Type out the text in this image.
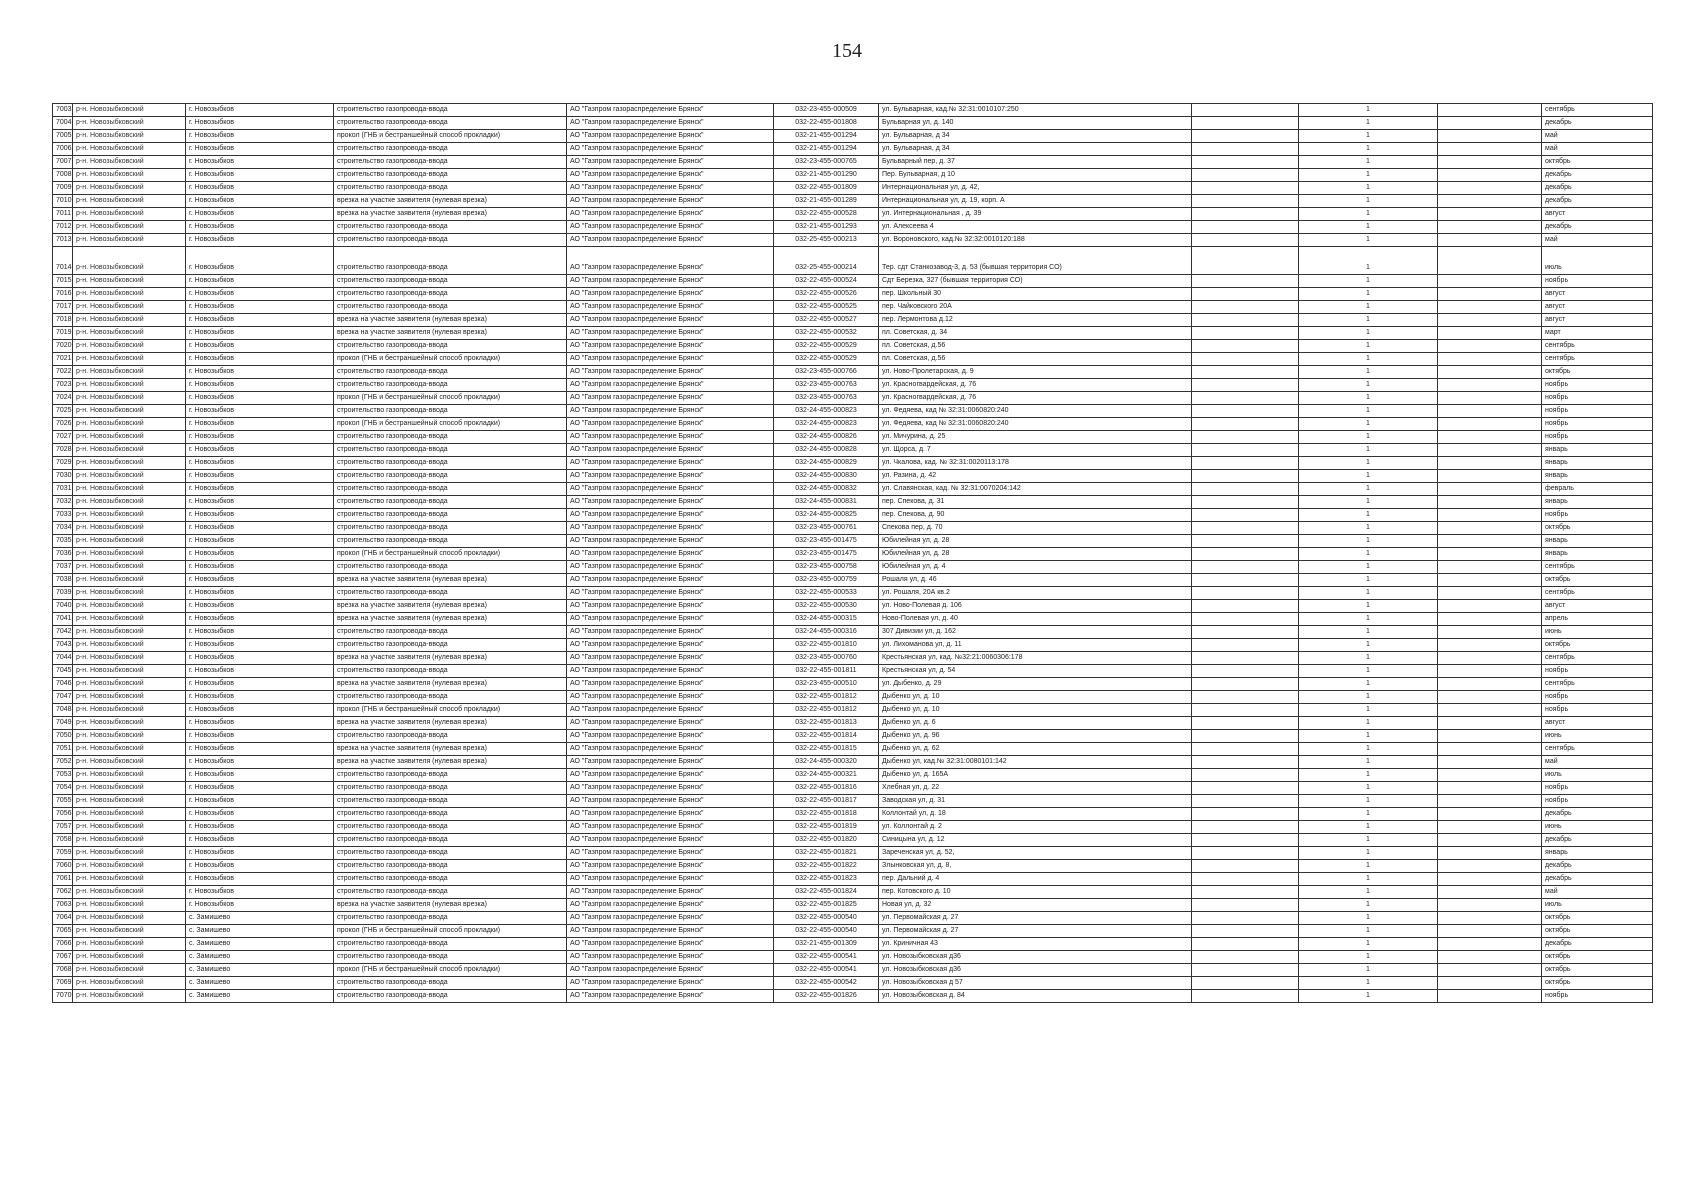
154
7003	р-н. Новозыбковский	г. Новозыбков	строительство газопровода-ввода	АО "Газпром газораспределение Брянск"	032-23-455-000509	ул. Бульварная, кад.№ 32:31:0010107:250		1		сентябрь	
7004	р-н. Новозыбковский	г. Новозыбков	строительство газопровода-ввода	АО "Газпром газораспределение Брянск"	032-22-455-001808	Бульварная ул, д. 140		1		декабрь	
7005	р-н. Новозыбковский	г. Новозыбков	прокол (ГНБ и бестраншейный способ прокладки)	АО "Газпром газораспределение Брянск"	032-21-455-001294	ул. Бульварная, д 34		1		май	
7006	р-н. Новозыбковский	г. Новозыбков	строительство газопровода-ввода	АО "Газпром газораспределение Брянск"	032-21-455-001294	ул. Бульварная, д 34		1		май	
7007	р-н. Новозыбковский	г. Новозыбков	строительство газопровода-ввода	АО "Газпром газораспределение Брянск"	032-23-455-000765	Бульварный пер, д. 37		1		октябрь	
7008	р-н. Новозыбковский	г. Новозыбков	строительство газопровода-ввода	АО "Газпром газораспределение Брянск"	032-21-455-001290	Пер. Бульварная, д 10		1		декабрь	
7009	р-н. Новозыбковский	г. Новозыбков	строительство газопровода-ввода	АО "Газпром газораспределение Брянск"	032-22-455-001809	Интернациональная ул, д. 42,		1		декабрь	
7010	р-н. Новозыбковский	г. Новозыбков	врезка на участке заявителя (нулевая врезка)	АО "Газпром газораспределение Брянск"	032-21-455-001289	Интернациональная ул, д. 19, корп. А		1		декабрь	
7011	р-н. Новозыбковский	г. Новозыбков	врезка на участке заявителя (нулевая врезка)	АО "Газпром газораспределение Брянск"	032-22-455-000528	ул. Интернациональная , д. 39		1		август	
7012	р-н. Новозыбковский	г. Новозыбков	строительство газопровода-ввода	АО "Газпром газораспределение Брянск"	032-21-455-001293	ул. Алексеева 4		1		декабрь	
7013	р-н. Новозыбковский	г. Новозыбков	строительство газопровода-ввода	АО "Газпром газораспределение Брянск"	032-25-455-000213	ул. Вороновского, кад.№ 32:32:0010120:188		1		май	
7014	р-н. Новозыбковский	г. Новозыбков	строительство газопровода-ввода	АО "Газпром газораспределение Брянск"	032-25-455-000214	Тер. сдт Станкозавод-3, д. 53 (бывшая территория СО)		1		июль	
7015	р-н. Новозыбковский	г. Новозыбков	строительство газопровода-ввода	АО "Газпром газораспределение Брянск"	032-22-455-000524	Сдт Березка, 327 (бывшая территория СО)		1		ноябрь	
7016	р-н. Новозыбковский	г. Новозыбков	строительство газопровода-ввода	АО "Газпром газораспределение Брянск"	032-22-455-000526	пер. Школьный 30		1		август	
7017	р-н. Новозыбковский	г. Новозыбков	строительство газопровода-ввода	АО "Газпром газораспределение Брянск"	032-22-455-000525	пер. Чайковского 20А		1		август	
7018	р-н. Новозыбковский	г. Новозыбков	врезка на участке заявителя (нулевая врезка)	АО "Газпром газораспределение Брянск"	032-22-455-000527	пер. Лермонтова д.12		1		август	
7019	р-н. Новозыбковский	г. Новозыбков	врезка на участке заявителя (нулевая врезка)	АО "Газпром газораспределение Брянск"	032-22-455-000532	пл. Советская, д. 34		1		март	
7020	р-н. Новозыбковский	г. Новозыбков	строительство газопровода-ввода	АО "Газпром газораспределение Брянск"	032-22-455-000529	пл. Советская, д.56		1		сентябрь	
7021	р-н. Новозыбковский	г. Новозыбков	прокол (ГНБ и бестраншейный способ прокладки)	АО "Газпром газораспределение Брянск"	032-22-455-000529	пл. Советская, д.56		1		сентябрь	
7022	р-н. Новозыбковский	г. Новозыбков	строительство газопровода-ввода	АО "Газпром газораспределение Брянск"	032-23-455-000766	ул. Ново-Пролетарская, д. 9		1		октябрь	
7023	р-н. Новозыбковский	г. Новозыбков	строительство газопровода-ввода	АО "Газпром газораспределение Брянск"	032-23-455-000763	ул. Красногвардейская, д. 76		1		ноябрь	
7024	р-н. Новозыбковский	г. Новозыбков	прокол (ГНБ и бестраншейный способ прокладки)	АО "Газпром газораспределение Брянск"	032-23-455-000763	ул. Красногвардейская, д. 76		1		ноябрь	
7025	р-н. Новозыбковский	г. Новозыбков	строительство газопровода-ввода	АО "Газпром газораспределение Брянск"	032-24-455-000823	ул. Федяева, кад № 32:31:0060820:240		1		ноябрь	
7026	р-н. Новозыбковский	г. Новозыбков	прокол (ГНБ и бестраншейный способ прокладки)	АО "Газпром газораспределение Брянск"	032-24-455-000823	ул. Федяева, кад № 32:31:0060820:240		1		ноябрь	
7027	р-н. Новозыбковский	г. Новозыбков	строительство газопровода-ввода	АО "Газпром газораспределение Брянск"	032-24-455-000826	ул. Мичурина, д. 25		1		ноябрь	
7028	р-н. Новозыбковский	г. Новозыбков	строительство газопровода-ввода	АО "Газпром газораспределение Брянск"	032-24-455-000828	ул. Щорса, д. 7		1		январь	
7029	р-н. Новозыбковский	г. Новозыбков	строительство газопровода-ввода	АО "Газпром газораспределение Брянск"	032-24-455-000829	ул. Чкалова, кад. № 32:31:0020113:178		1		январь	
7030	р-н. Новозыбковский	г. Новозыбков	строительство газопровода-ввода	АО "Газпром газораспределение Брянск"	032-24-455-000830	ул. Разина, д. 42		1		январь	
7031	р-н. Новозыбковский	г. Новозыбков	строительство газопровода-ввода	АО "Газпром газораспределение Брянск"	032-24-455-000832	ул. Славянская, кад. № 32:31:0070204:142		1		февраль	
7032	р-н. Новозыбковский	г. Новозыбков	строительство газопровода-ввода	АО "Газпром газораспределение Брянск"	032-24-455-000831	пер. Спекова, д. 31		1		январь	
7033	р-н. Новозыбковский	г. Новозыбков	строительство газопровода-ввода	АО "Газпром газораспределение Брянск"	032-24-455-000825	пер. Спекова, д. 90		1		ноябрь	
7034	р-н. Новозыбковский	г. Новозыбков	строительство газопровода-ввода	АО "Газпром газораспределение Брянск"	032-23-455-000761	Спекова пер, д. 70		1		октябрь	
7035	р-н. Новозыбковский	г. Новозыбков	строительство газопровода-ввода	АО "Газпром газораспределение Брянск"	032-23-455-001475	Юбилейная ул, д. 28		1		январь	
7036	р-н. Новозыбковский	г. Новозыбков	прокол (ГНБ и бестраншейный способ прокладки)	АО "Газпром газораспределение Брянск"	032-23-455-001475	Юбилейная ул, д. 28		1		январь	
7037	р-н. Новозыбковский	г. Новозыбков	строительство газопровода-ввода	АО "Газпром газораспределение Брянск"	032-23-455-000758	Юбилейная ул, д. 4		1		сентябрь	
7038	р-н. Новозыбковский	г. Новозыбков	врезка на участке заявителя (нулевая врезка)	АО "Газпром газораспределение Брянск"	032-23-455-000759	Рошаля ул, д. 46		1		октябрь	
7039	р-н. Новозыбковский	г. Новозыбков	строительство газопровода-ввода	АО "Газпром газораспределение Брянск"	032-22-455-000533	ул. Рошаля, 20А кв.2		1		сентябрь	
7040	р-н. Новозыбковский	г. Новозыбков	врезка на участке заявителя (нулевая врезка)	АО "Газпром газораспределение Брянск"	032-22-455-000530	ул. Ново-Полевая д. 106		1		август	
7041	р-н. Новозыбковский	г. Новозыбков	врезка на участке заявителя (нулевая врезка)	АО "Газпром газораспределение Брянск"	032-24-455-000315	Ново-Полевая ул, д. 40		1		апрель	
7042	р-н. Новозыбковский	г. Новозыбков	строительство газопровода-ввода	АО "Газпром газораспределение Брянск"	032-24-455-000316	307 Дивизии ул, д. 162		1		июнь	
7043	р-н. Новозыбковский	г. Новозыбков	строительство газопровода-ввода	АО "Газпром газораспределение Брянск"	032-22-455-001810	ул. Лихоманова ул, д. 11		1		октябрь	
7044	р-н. Новозыбковский	г. Новозыбков	врезка на участке заявителя (нулевая врезка)	АО "Газпром газораспределение Брянск"	032-23-455-000760	Крестьянская ул, кад. №32:21:0060306:178		1		сентябрь	
7045	р-н. Новозыбковский	г. Новозыбков	строительство газопровода-ввода	АО "Газпром газораспределение Брянск"	032-22-455-001811	Крестьянская ул, д. 54		1		ноябрь	
7046	р-н. Новозыбковский	г. Новозыбков	врезка на участке заявителя (нулевая врезка)	АО "Газпром газораспределение Брянск"	032-23-455-000510	ул. Дыбенко, д. 29		1		сентябрь	
7047	р-н. Новозыбковский	г. Новозыбков	строительство газопровода-ввода	АО "Газпром газораспределение Брянск"	032-22-455-001812	Дыбенко ул, д. 10		1		ноябрь	
7048	р-н. Новозыбковский	г. Новозыбков	прокол (ГНБ и бестраншейный способ прокладки)	АО "Газпром газораспределение Брянск"	032-22-455-001812	Дыбенко ул, д. 10		1		ноябрь	
7049	р-н. Новозыбковский	г. Новозыбков	врезка на участке заявителя (нулевая врезка)	АО "Газпром газораспределение Брянск"	032-22-455-001813	Дыбенко ул, д. 6		1		август	
7050	р-н. Новозыбковский	г. Новозыбков	строительство газопровода-ввода	АО "Газпром газораспределение Брянск"	032-22-455-001814	Дыбенко ул, д. 96		1		июнь	
7051	р-н. Новозыбковский	г. Новозыбков	врезка на участке заявителя (нулевая врезка)	АО "Газпром газораспределение Брянск"	032-22-455-001815	Дыбенко ул, д. 62		1		сентябрь	
7052	р-н. Новозыбковский	г. Новозыбков	врезка на участке заявителя (нулевая врезка)	АО "Газпром газораспределение Брянск"	032-24-455-000320	Дыбенко ул, кад.№ 32:31:0080101:142		1		май	
7053	р-н. Новозыбковский	г. Новозыбков	строительство газопровода-ввода	АО "Газпром газораспределение Брянск"	032-24-455-000321	Дыбенко ул, д. 165А		1		июль	
7054	р-н. Новозыбковский	г. Новозыбков	строительство газопровода-ввода	АО "Газпром газораспределение Брянск"	032-22-455-001816	Хлебная ул, д. 22		1		ноябрь	
7055	р-н. Новозыбковский	г. Новозыбков	строительство газопровода-ввода	АО "Газпром газораспределение Брянск"	032-22-455-001817	Заводская ул, д. 31		1		ноябрь	
7056	р-н. Новозыбковский	г. Новозыбков	строительство газопровода-ввода	АО "Газпром газораспределение Брянск"	032-22-455-001818	Коллонтай ул, д. 18		1		декабрь	
7057	р-н. Новозыбковский	г. Новозыбков	строительство газопровода-ввода	АО "Газпром газораспределение Брянск"	032-22-455-001819	ул. Коллонтай д. 2		1		июнь	
7058	р-н. Новозыбковский	г. Новозыбков	строительство газопровода-ввода	АО "Газпром газораспределение Брянск"	032-22-455-001820	Синицына ул, д. 12		1		декабрь	
7059	р-н. Новозыбковский	г. Новозыбков	строительство газопровода-ввода	АО "Газпром газораспределение Брянск"	032-22-455-001821	Зареченская ул, д. 52,		1		январь	
7060	р-н. Новозыбковский	г. Новозыбков	строительство газопровода-ввода	АО "Газпром газораспределение Брянск"	032-22-455-001822	Злынковская ул, д. 8,		1		декабрь	
7061	р-н. Новозыбковский	г. Новозыбков	строительство газопровода-ввода	АО "Газпром газораспределение Брянск"	032-22-455-001823	пер. Дальний д. 4		1		декабрь	
7062	р-н. Новозыбковский	г. Новозыбков	строительство газопровода-ввода	АО "Газпром газораспределение Брянск"	032-22-455-001824	пер. Котовского д. 10		1		май	
7063	р-н. Новозыбковский	г. Новозыбков	врезка на участке заявителя (нулевая врезка)	АО "Газпром газораспределение Брянск"	032-22-455-001825	Новая ул, д. 32		1		июль	
7064	р-н. Новозыбковский	с. Замишево	строительство газопровода-ввода	АО "Газпром газораспределение Брянск"	032-22-455-000540	ул. Первомайская д. 27		1		октябрь	
7065	р-н. Новозыбковский	с. Замишево	прокол (ГНБ и бестраншейный способ прокладки)	АО "Газпром газораспределение Брянск"	032-22-455-000540	ул. Первомайская д. 27		1		октябрь	
7066	р-н. Новозыбковский	с. Замишево	строительство газопровода-ввода	АО "Газпром газораспределение Брянск"	032-21-455-001309	ул. Криничная 43		1		декабрь	
7067	р-н. Новозыбковский	с. Замишево	строительство газопровода-ввода	АО "Газпром газораспределение Брянск"	032-22-455-000541	ул. Новозыбковская д36		1		октябрь	
7068	р-н. Новозыбковский	с. Замишево	прокол (ГНБ и бестраншейный способ прокладки)	АО "Газпром газораспределение Брянск"	032-22-455-000541	ул. Новозыбковская д36		1		октябрь	
7069	р-н. Новозыбковский	с. Замишево	строительство газопровода-ввода	АО "Газпром газораспределение Брянск"	032-22-455-000542	ул. Новозыбковская д 57		1		октябрь	
7070	р-н. Новозыбковский	с. Замишево	строительство газопровода-ввода	АО "Газпром газораспределение Брянск"	032-22-455-001826	ул. Новозыбковская д. 84		1		ноябрь	
